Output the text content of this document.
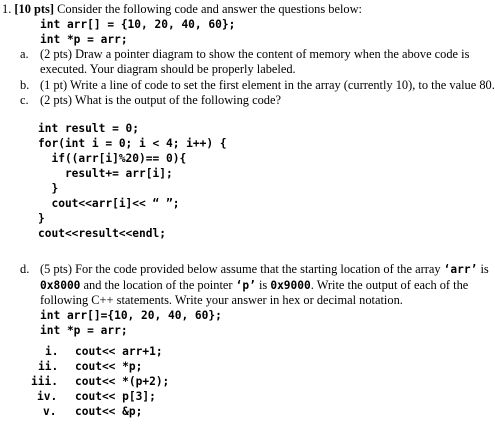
1. [10 pts] Consider the following code and answer the questions below:
int arr[] = {10, 20, 40, 60};
int *p = arr;
a. (2 pts) Draw a pointer diagram to show the content of memory when the above code is executed. Your diagram should be properly labeled.
b. (1 pt) Write a line of code to set the first element in the array (currently 10), to the value 80.
c. (2 pts) What is the output of the following code?
int result = 0;
for(int i = 0; i < 4; i++) {
if((arr[i]%20)== 0){
result+= arr[i];
}
cout<<arr[i]<< “ ”;
}
cout<<result<<endl;
d. (5 pts) For the code provided below assume that the starting location of the array ‘arr’ is
0x8000 and the location of the pointer ‘p’ is 0x9000. Write the output of each of the
following C++ statements. Write your answer in hex or decimal notation.
int arr[]={10, 20, 40, 60};
int *p = arr;
i. cout<< arr+1;
ii. cout<< *p;
iii. cout<< *(p+2);
iv. cout<< p[3];
v. cout<< &p;
